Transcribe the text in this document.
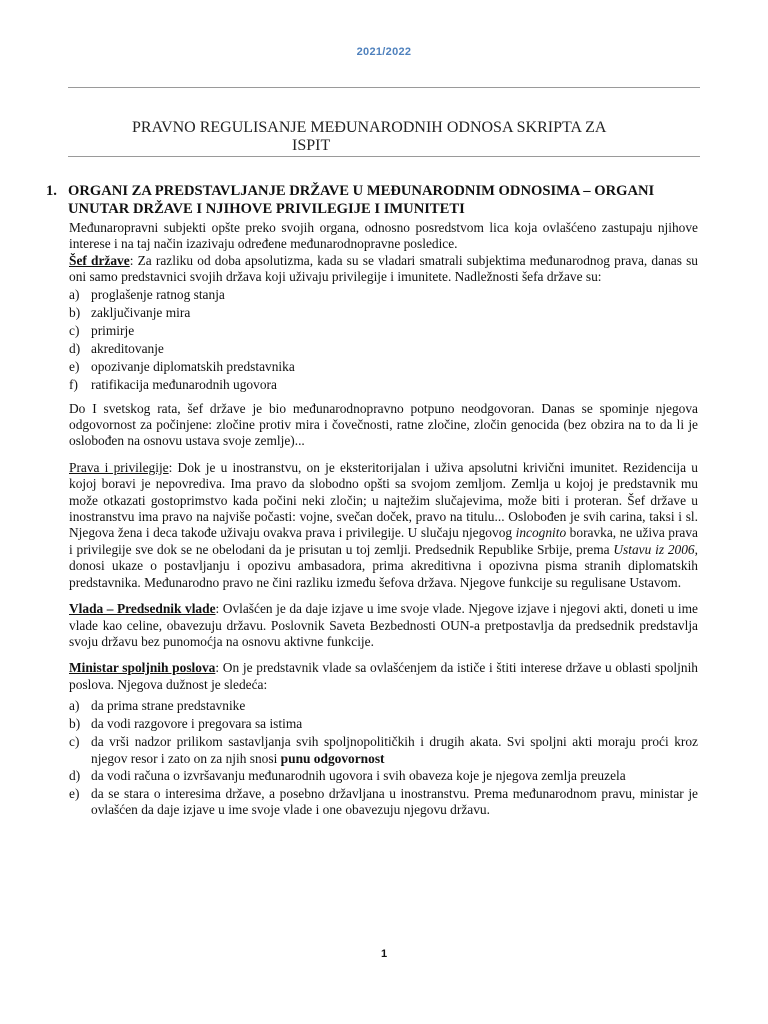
2021/2022
PRAVNO REGULISANJE MEĐUNARODNIH ODNOSA SKRIPTA ZA
ISPIT
1. ORGANI ZA PREDSTAVLJANJE DRŽAVE U MEĐUNARODNIM ODNOSIMA – ORGANI UNUTAR DRŽAVE I NJIHOVE PRIVILEGIJE I IMUNITETI

Međunaropravni subjekti opšte preko svojih organa, odnosno posredstvom lica koja ovlašćeno zastupaju njihove interese i na taj način izazivaju određene međunarodnopravne posledice.

Šef države: Za razliku od doba apsolutizma, kada su se vladari smatrali subjektima međunarodnog prava, danas su oni samo predstavnici svojih država koji uživaju privilegije i imunitete. Nadležnosti šefa države su:

a) proglašenje ratnog stanja
b) zaključivanje mira
c) primirje
d) akreditovanje
e) opozivanje diplomatskih predstavnika
f) ratifikacija međunarodnih ugovora

Do I svetskog rata, šef države je bio međunarodnopravno potpuno neodgovoran. Danas se spominje njegova odgovornost za počinjene: zločine protiv mira i čovečnosti, ratne zločine, zločin genocida (bez obzira na to da li je oslobođen na osnovu ustava svoje zemlje)...

Prava i privilegije: Dok je u inostranstvu, on je eksteritorijalan i uživa apsolutni krivični imunitet. Rezidencija u kojoj boravi je nepovrediva. Ima pravo da slobodno opšti sa svojom zemljom. Zemlja u kojoj je predstavnik mu može otkazati gostoprimstvo kada počini neki zločin; u najtežim slučajevima, može biti i proteran. Šef države u inostranstvu ima pravo na najviše počasti: vojne, svečan doček, pravo na titulu... Oslobođen je svih carina, taksi i sl. Njegova žena i deca takođe uživaju ovakva prava i privilegije. U slučaju njegovog incognito boravka, ne uživa prava i privilegije sve dok se ne obelodani da je prisutan u toj zemlji. Predsednik Republike Srbije, prema Ustavu iz 2006, donosi ukaze o postavljanju i opozivu ambasadora, prima akreditivna i opozivna pisma stranih diplomatskih predstavnika. Međunarodno pravo ne čini razliku između šefova država. Njegove funkcije su regulisane Ustavom.

Vlada – Predsednik vlade: Ovlašćen je da daje izjave u ime svoje vlade. Njegove izjave i njegovi akti, doneti u ime vlade kao celine, obavezuju državu. Poslovnik Saveta Bezbednosti OUN-a pretpostavlja da predsednik predstavlja svoju državu bez punomoćja na osnovu aktivne funkcije.

Ministar spoljnih poslova: On je predstavnik vlade sa ovlašćenjem da ističe i štiti interese države u oblasti spoljnih poslova. Njegova dužnost je sledeća:

a) da prima strane predstavnike
b) da vodi razgovore i pregovara sa istima
c) da vrši nadzor prilikom sastavljanja svih spoljnopolitičkih i drugih akata. Svi spoljni akti moraju proći kroz njegov resor i zato on za njih snosi punu odgovornost
d) da vodi računa o izvršavanju međunarodnih ugovora i svih obaveza koje je njegova zemlja preuzela
e) da se stara o interesima države, a posebno državljana u inostranstvu. Prema međunarodnom pravu, ministar je ovlašćen da daje izjave u ime svoje vlade i one obavezuju njegovu državu.
1
